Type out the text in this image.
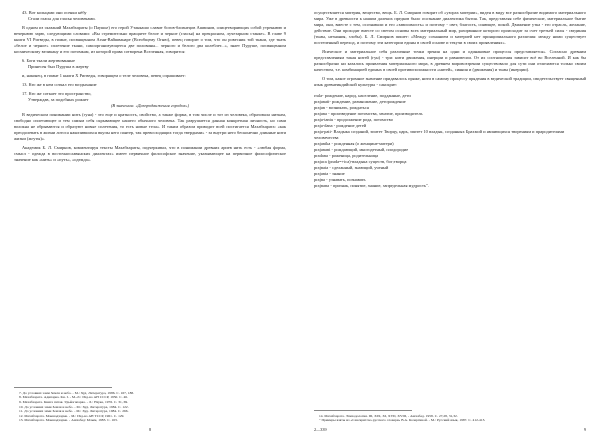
43. Вот кольцами они осенки нёбу

Стали гласы для гласья человеками.

В одном из сказаний Махабхараты (о Паушье) его герой Утанкашо славит богов-близнецов Ашвинов, олицетворяющих собой утреннюю и вечернюю зарю, следующими словами: «Вы стремительно вращаете белое и черное (гласья) на прекрасном, лучезарном станке». В главе 9 книги VI Ригведы, в гимне, посвященном Агни-Вайшванаре (Всеобщему Огню), певец говорит о том, что он ровесник той ткани, где ткать «белое и черное» сплетение ткани, самоорганизующееся две половины... черного и белого два колеблет...», знает Пуруше, посвященном космическому великану и его потомкам, из которой права сотворена Вселенная, говорится:

6. Боги ткали жертвованные

Принесен был Пуруша в жертву

и, наконец, в гимне 1 книги X Ригведы, говорящем о теле человека, певец спрашивает:

13. Кто же в нем соткал его воздыхание

17. Кто же соткает это пространство,

Утверждав, за подобных рожает

(В значении: «Дазпродвижения городов»)

В ведическом понимании нить (гуна) - это еще и кратность, свойство, а также форма, в том числе и тот из человека, образовала ниткам, свободно оплетающее и тем самым себя скрывающее нашего обычного человека. Так разрушается данная конкретная личность, но сами волокна не обрываются и образуют новые сплетения, то есть новые тела». И таким образом приводит всей постигается Махабхарата: «как преодолевать в жизни лотоса накопившихся вкупы него пантер, так превосходящих тогда твердыми» - за внутри него бесконечно длинные нити жизни (жгуты)».

Академик Б. Л. Смирнов, комментируя тексты Махабхараты, подчеркивал, что в понимании древних ариев нить есть - «любая форма, смысл - одежда в восточнославянских диалектах» имеет первичное философское значение, указывающее на первичное философическое значение как «нить» и «путь», «одежда».

7. До условиях зами Земля и небо. - М.: Худ. Литература, 1986. С. 167, 188.

8. Махабхарата. Адипарва. Кн. I. - М.-Л.: Изд-во АН СССР, 1950. С. 46.

9. Махабхарата. Книга пятая. Удьйогапарва. - Л.: Наука, 1976. С. 31, 69.

10. До условиях зами Земля и небо. - М.: Худ. Литература, 1984. С. 122.

11. До условиях зами Земля и небо. - М.: Худ. Литература, 1984. С. 266.

12. Махабхарата. Мокшадхарма. - М.: Изд-во АН ТССР, 1961. С. 129.

13. Махабхарата. Мокшадхарма. - Ашхабад: Ылым, 1983. С. 163.

8

осуществляется материя, вещество, вещь. Б. Л. Смирнов говорит об «узорах материи», виден в виду все разнообразие видимого материального мира. Уже в древности к нашим далеких предков было осознание диалектика бытия. Так, представляя себе физические, материальное бытие мира, они, вместе с тем, осознавали и его «зависимость» и поэтому - свет, благость, сияющее, покой. Движение утка - его отрасль, желание, действие. Они проходят вместе со светом основы всех материальный мир, разорванное которого происходит за счет третьей силы - свединия (тьмы, незнания, злобы). Б. Л. Смирнов пишет: «Между сознанием и материей нет принципиального различия: между ними существует постепенный переход, и поэтому эти категории едины в своей основе и текучи в своих проявлениях».

Ясическое и материальное себя различные точки зрения на одни и одинаковые процессы представляется». Согласно древним представлениям такая нитей (гун) - три: нити движения, инерции и равновесии. От их соотношения зависит всё во Вселенной. И как бы разнообразно ни казались проявления материального мира, в древнем мировоззрении существовало для сути они отличаются только своим качеством, т.е. комбинацией единых в своей противоположности «нитей», сияния и (движения) и тьмы (инерции).

О том, какое огромное значение придавалось пряже, нити в самому процессу прядения в ведической традиции, свидетельствует священный язык древнеиндийской культуры - санскрит:

rrala- рождение, народ, население, подданные, дети

prajanati- рождение, размножение, деторождение

prajan - возникать, рождаться

prajana - произведение потомства, зачатие, производитель

praja-tantu - продолжение рода, потомство

praja-dana - рождение детей

praja-pati- Владыка созданий, эпитет Творцу, царь, эпитет 10 владык, созданных Брахмой и являющихся творениям и прародителями человечества

prajanika - рожденная (о женщине-матери)

prajanani - рождающий, многодетный, плодородие

pradana - роженица, родительница

prajaca (prada=+ica)-владыка существ, бог;творца

prajnata - сделанный, знающий, ученый

prajanta - знание

prajna - узнавать, познавать

prajnana - признак, понятие, знание, запредельная мудрость".

14. Махабхарата. Эпизодология. III, XIX, XI, XVII, XVIII, - Ашхабад. 1958. С. 27,28, 31,32.

" Примеры взяты из «Санскритско-русского словаря» В.А. Кочергиной. - М.: Русский язык, 1987. С. 412-413.

2—339	9
